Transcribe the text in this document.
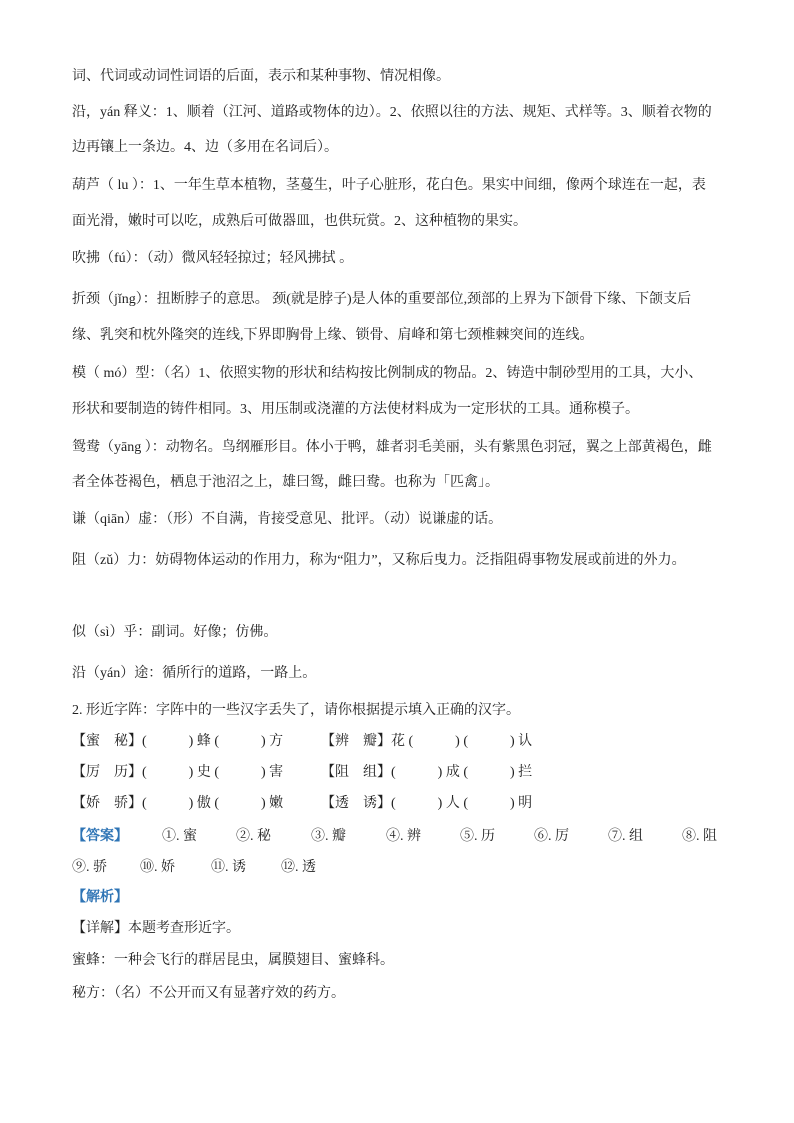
词、代词或动词性词语的后面，表示和某种事物、情况相像。
沿，yán 释义：1、顺着（江河、道路或物体的边）。2、依照以往的方法、规矩、式样等。3、顺着衣物的
边再镶上一条边。4、边（多用在名词后）。
葫芦（ lu ）：1、一年生草本植物，茎蔓生，叶子心脏形，花白色。果实中间细，像两个球连在一起，表
面光滑，嫩时可以吃，成熟后可做器皿，也供玩赏。2、这种植物的果实。
吹拂（fú）：（动）微风轻轻掠过；轻风拂拭 。
折颈（jǐng）：扭断脖子的意思。 颈(就是脖子)是人体的重要部位,颈部的上界为下颌骨下缘、下颌支后
缘、乳突和枕外隆突的连线,下界即胸骨上缘、锁骨、肩峰和第七颈椎棘突间的连线。
模（ mó）型：（名）1、依照实物的形状和结构按比例制成的物品。2、铸造中制砂型用的工具，大小、
形状和要制造的铸件相同。3、用压制或浇灌的方法使材料成为一定形状的工具。通称模子。
鸳鸯（yāng ）：动物名。鸟纲雁形目。体小于鸭，雄者羽毛美丽，头有紫黑色羽冠，翼之上部黄褐色，雌
者全体苍褐色，栖息于池沼之上，雄曰鸳，雌曰鸯。也称为「匹禽」。
谦（qiān）虚：（形）不自满，肯接受意见、批评。（动）说谦虚的话。
阻（zǔ）力：妨碍物体运动的作用力，称为“阻力”，又称后曳力。泛指阻碍事物发展或前进的外力。
似（sì）乎：副词。好像；仿佛。
沿（yán）途：循所行的道路，一路上。
2. 形近字阵：字阵中的一些汉字丢失了，请你根据提示填入正确的汉字。
【蜜　秘】(　　　) 蜂 (　　　) 方	【辨　瓣】花 (　　　) (　　　) 认
【厉　历】(　　　) 史 (　　　) 害	【阻　组】(　　　) 成 (　　　) 拦
【娇　骄】(　　　) 傲 (　　　) 嫩	【透　诱】(　　　) 人 (　　　) 明
【答案】 ①. 蜜	②. 秘	③. 瓣	④. 辨	⑤. 历	⑥. 厉	⑦. 组	⑧. 阻
⑨. 骄 ⑩. 娇	⑪. 诱	⑫. 透
【解析】
【详解】本题考查形近字。
蜜蜂：一种会飞行的群居昆虫，属膜翅目、蜜蜂科。
秘方：（名）不公开而又有显著疗效的药方。
